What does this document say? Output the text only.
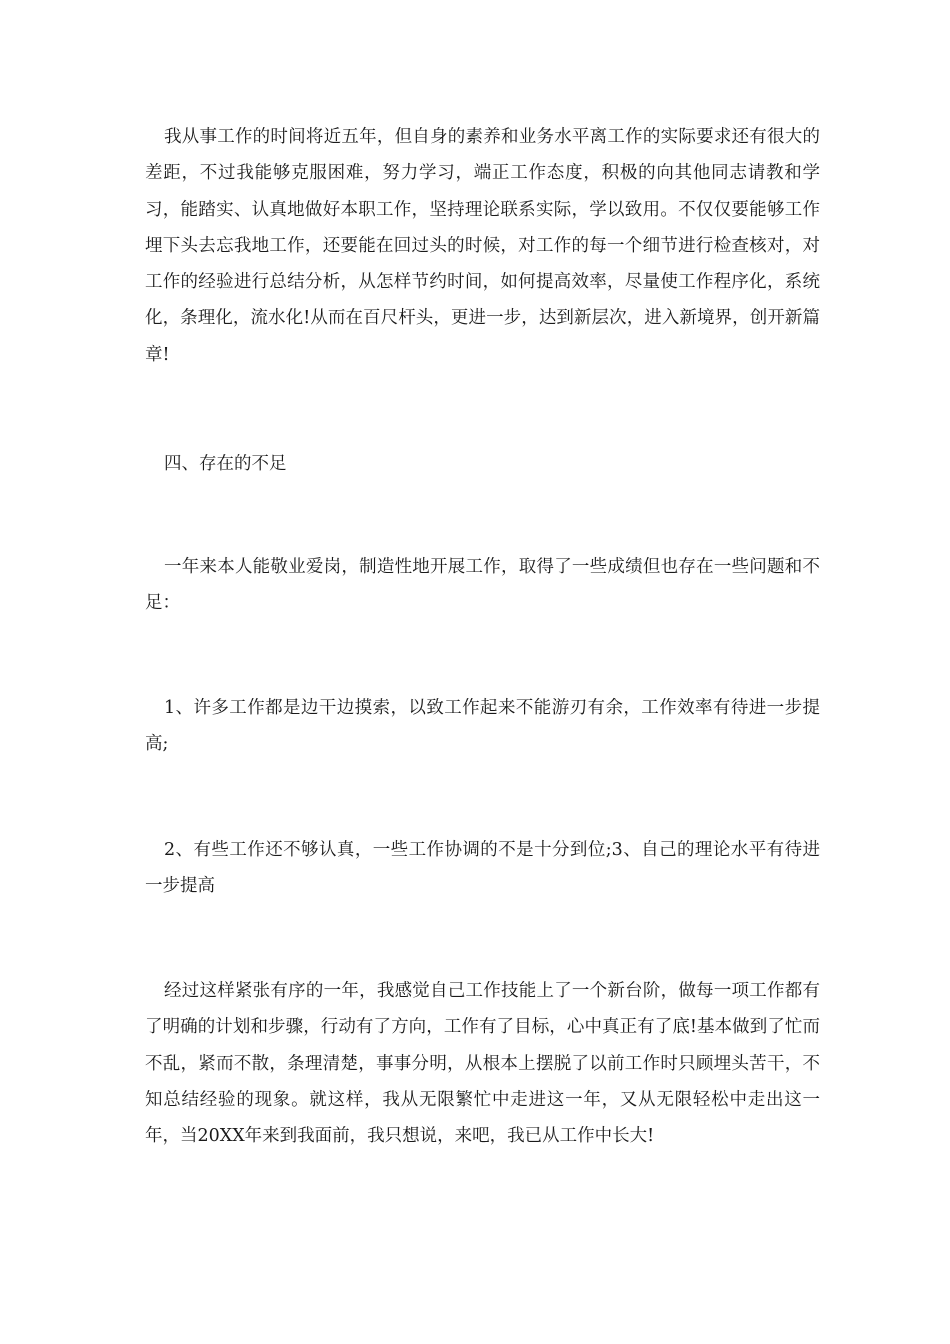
我从事工作的时间将近五年，但自身的素养和业务水平离工作的实际要求还有很大的差距，不过我能够克服困难，努力学习，端正工作态度，积极的向其他同志请教和学习，能踏实、认真地做好本职工作，坚持理论联系实际，学以致用。不仅仅要能够工作埋下头去忘我地工作，还要能在回过头的时候，对工作的每一个细节进行检查核对，对工作的经验进行总结分析，从怎样节约时间，如何提高效率，尽量使工作程序化，系统化，条理化，流水化!从而在百尺杆头，更进一步，达到新层次，进入新境界，创开新篇章!

四、存在的不足

一年来本人能敬业爱岗，制造性地开展工作，取得了一些成绩但也存在一些问题和不足：

1、许多工作都是边干边摸索，以致工作起来不能游刃有余，工作效率有待进一步提高;

2、有些工作还不够认真，一些工作协调的不是十分到位;3、自己的理论水平有待进一步提高

经过这样紧张有序的一年，我感觉自己工作技能上了一个新台阶，做每一项工作都有了明确的计划和步骤，行动有了方向，工作有了目标，心中真正有了底!基本做到了忙而不乱，紧而不散，条理清楚，事事分明，从根本上摆脱了以前工作时只顾埋头苦干，不知总结经验的现象。就这样，我从无限繁忙中走进这一年，又从无限轻松中走出这一年，当20XX年来到我面前，我只想说，来吧，我已从工作中长大!
